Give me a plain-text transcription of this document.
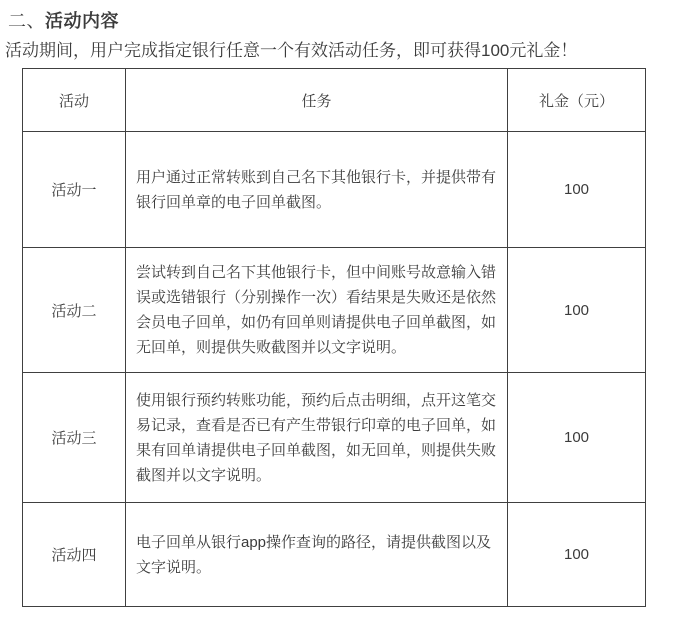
二、活动内容

活动期间，用户完成指定银行任意一个有效活动任务，即可获得100元礼金！

活动	任务	礼金（元）
活动一	用户通过正常转账到自己名下其他银行卡，并提供带有银行回单章的电子回单截图。	100
活动二	尝试转到自己名下其他银行卡，但中间账号故意输入错误或选错银行（分别操作一次）看结果是失败还是依然会员电子回单，如仍有回单则请提供电子回单截图，如无回单，则提供失败截图并以文字说明。	100
活动三	使用银行预约转账功能，预约后点击明细，点开这笔交易记录，查看是否已有产生带银行印章的电子回单，如果有回单请提供电子回单截图，如无回单，则提供失败截图并以文字说明。	100
活动四	电子回单从银行app操作查询的路径，请提供截图以及文字说明。	100
